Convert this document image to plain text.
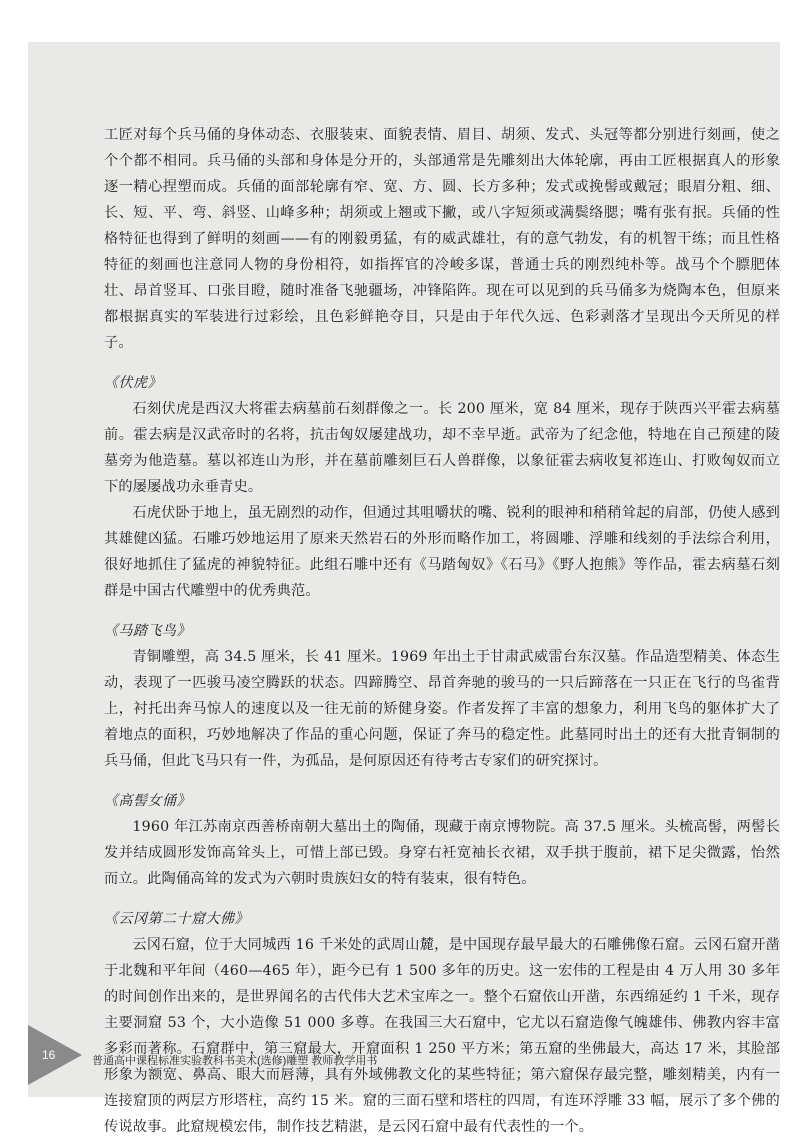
工匠对每个兵马俑的身体动态、衣服装束、面貌表情、眉目、胡须、发式、头冠等都分别进行刻画，使之个个都不相同。兵马俑的头部和身体是分开的，头部通常是先雕刻出大体轮廓，再由工匠根据真人的形象逐一精心捏塑而成。兵俑的面部轮廓有窄、宽、方、圆、长方多种；发式或挽髻或戴冠；眼眉分粗、细、长、短、平、弯、斜竖、山峰多种；胡须或上翘或下撇，或八字短须或满鬓络腮；嘴有张有抿。兵俑的性格特征也得到了鲜明的刻画——有的刚毅勇猛，有的威武雄壮，有的意气勃发，有的机智干练；而且性格特征的刻画也注意同人物的身份相符，如指挥官的冷峻多谋，普通士兵的刚烈纯朴等。战马个个膘肥体壮、昂首竖耳、口张目瞪，随时准备飞驰疆场，冲锋陷阵。现在可以见到的兵马俑多为烧陶本色，但原来都根据真实的军装进行过彩绘，且色彩鲜艳夺目，只是由于年代久远、色彩剥落才呈现出今天所见的样子。

《伏虎》

石刻伏虎是西汉大将霍去病墓前石刻群像之一。长 200 厘米，宽 84 厘米，现存于陕西兴平霍去病墓前。霍去病是汉武帝时的名将，抗击匈奴屡建战功，却不幸早逝。武帝为了纪念他，特地在自己预建的陵墓旁为他造墓。墓以祁连山为形，并在墓前雕刻巨石人兽群像，以象征霍去病收复祁连山、打败匈奴而立下的屡屡战功永垂青史。

石虎伏卧于地上，虽无剧烈的动作，但通过其咀嚼状的嘴、锐利的眼神和稍稍耸起的肩部，仍使人感到其雄健凶猛。石雕巧妙地运用了原来天然岩石的外形而略作加工，将圆雕、浮雕和线刻的手法综合利用，很好地抓住了猛虎的神貌特征。此组石雕中还有《马踏匈奴》《石马》《野人抱熊》等作品，霍去病墓石刻群是中国古代雕塑中的优秀典范。

《马踏飞鸟》

青铜雕塑，高 34.5 厘米，长 41 厘米。1969 年出土于甘肃武威雷台东汉墓。作品造型精美、体态生动，表现了一匹骏马凌空腾跃的状态。四蹄腾空、昂首奔驰的骏马的一只后蹄落在一只正在飞行的鸟雀背上，衬托出奔马惊人的速度以及一往无前的矫健身姿。作者发挥了丰富的想象力，利用飞鸟的躯体扩大了着地点的面积，巧妙地解决了作品的重心问题，保证了奔马的稳定性。此墓同时出土的还有大批青铜制的兵马俑，但此飞马只有一件，为孤品，是何原因还有待考古专家们的研究探讨。

《高髻女俑》

1960 年江苏南京西善桥南朝大墓出土的陶俑，现藏于南京博物院。高 37.5 厘米。头梳高髻，两髻长发并结成圆形发饰高耸头上，可惜上部已毁。身穿右衽宽袖长衣裙，双手拱于腹前，裙下足尖微露，怡然而立。此陶俑高耸的发式为六朝时贵族妇女的特有装束，很有特色。

《云冈第二十窟大佛》

云冈石窟，位于大同城西 16 千米处的武周山麓，是中国现存最早最大的石雕佛像石窟。云冈石窟开凿于北魏和平年间（460—465 年），距今已有 1 500 多年的历史。这一宏伟的工程是由 4 万人用 30 多年的时间创作出来的，是世界闻名的古代伟大艺术宝库之一。整个石窟依山开凿，东西绵延约 1 千米，现存主要洞窟 53 个，大小造像 51 000 多尊。在我国三大石窟中，它尤以石窟造像气魄雄伟、佛教内容丰富多彩而著称。石窟群中，第三窟最大，开窟面积 1 250 平方米；第五窟的坐佛最大，高达 17 米，其脸部形象为额宽、鼻高、眼大而唇薄，具有外域佛教文化的某些特征；第六窟保存最完整，雕刻精美，内有一连接窟顶的两层方形塔柱，高约 15 米。窟的三面石壁和塔柱的四周，有连环浮雕 33 幅，展示了多个佛的传说故事。此窟规模宏伟，制作技艺精湛，是云冈石窟中最有代表性的一个。

16	普通高中课程标准实验教科书美术(选修)雕塑 教师教学用书
